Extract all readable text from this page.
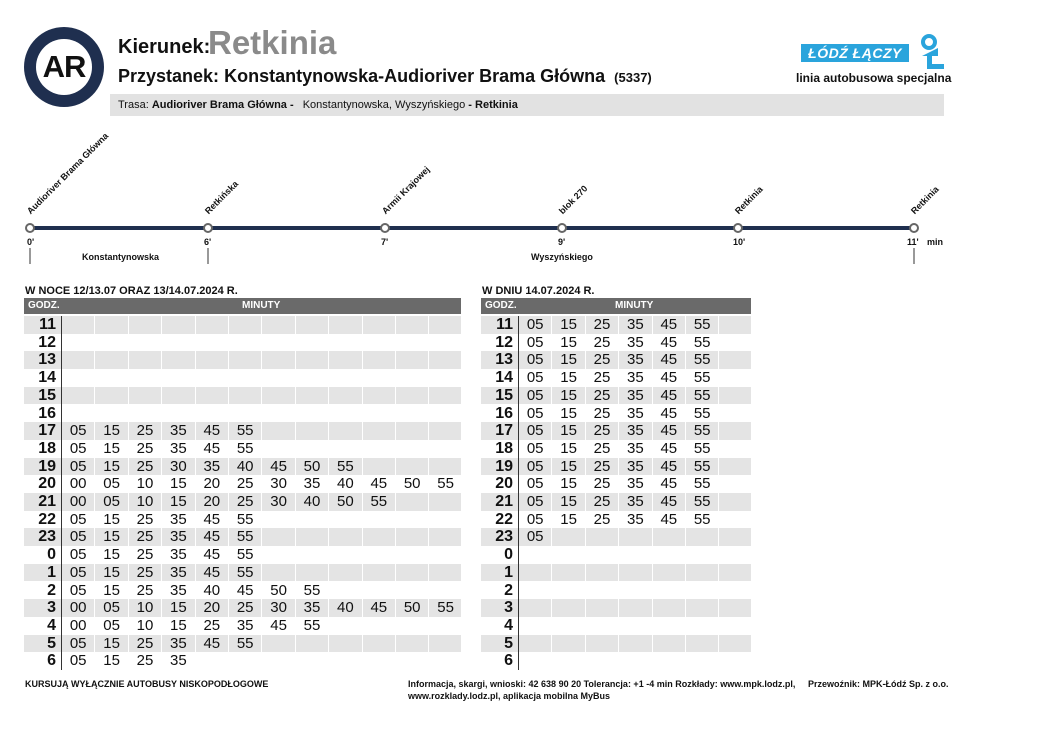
AR
Kierunek:
Retkinia
Przystanek: Konstantynowska-Audioriver Brama Główna (5337)
Trasa: Audioriver Brama Główna - Konstantynowska, Wyszyńskiego - Retkinia
ŁÓDŹ ŁĄCZY
linia autobusowa specjalna
Audioriver Brama Główna	Retkińska	Armii Krajowej	blok 270	Retkinia	Retkinia
0'	6'	7'	9'	10'	11' min
Konstantynowska	Wyszyńskiego
W NOCE 12/13.07 ORAZ 13/14.07.2024 R.
GODZ.	MINUTY
11
12
13
14
15
16
17 05	15	25	35	45	55
18 05	15	25	35	45	55
19 05	15	25	30	35	40	45	50	55
20 00	05	10	15	20	25	30	35	40	45	50	55
21 00	05	10	15	20	25	30	40	50	55
22 05	15	25	35	45	55
23 05	15	25	35	45	55
0 05	15	25	35	45	55
1 05	15	25	35	45	55
2 05	15	25	35	40	45	50	55
3 00	05	10	15	20	25	30	35	40	45	50	55
4 00	05	10	15	25	35	45	55
5 05	15	25	35	45	55
6 05	15	25	35
W DNIU 14.07.2024 R.
GODZ.	MINUTY
11 05	15	25	35	45	55
12 05	15	25	35	45	55
13 05	15	25	35	45	55
14 05	15	25	35	45	55
15 05	15	25	35	45	55
16 05	15	25	35	45	55
17 05	15	25	35	45	55
18 05	15	25	35	45	55
19 05	15	25	35	45	55
20 05	15	25	35	45	55
21 05	15	25	35	45	55
22 05	15	25	35	45	55
23 05
0
1
2
3
4
5
6
KURSUJĄ WYŁĄCZNIE AUTOBUSY NISKOPODŁOGOWE	Informacja, skargi, wnioski: 42 638 90 20 Tolerancja: +1 -4 min Rozkłady: www.mpk.lodz.pl,
www.rozklady.lodz.pl, aplikacja mobilna MyBus
Przewoźnik: MPK-Łódź Sp. z o.o.
